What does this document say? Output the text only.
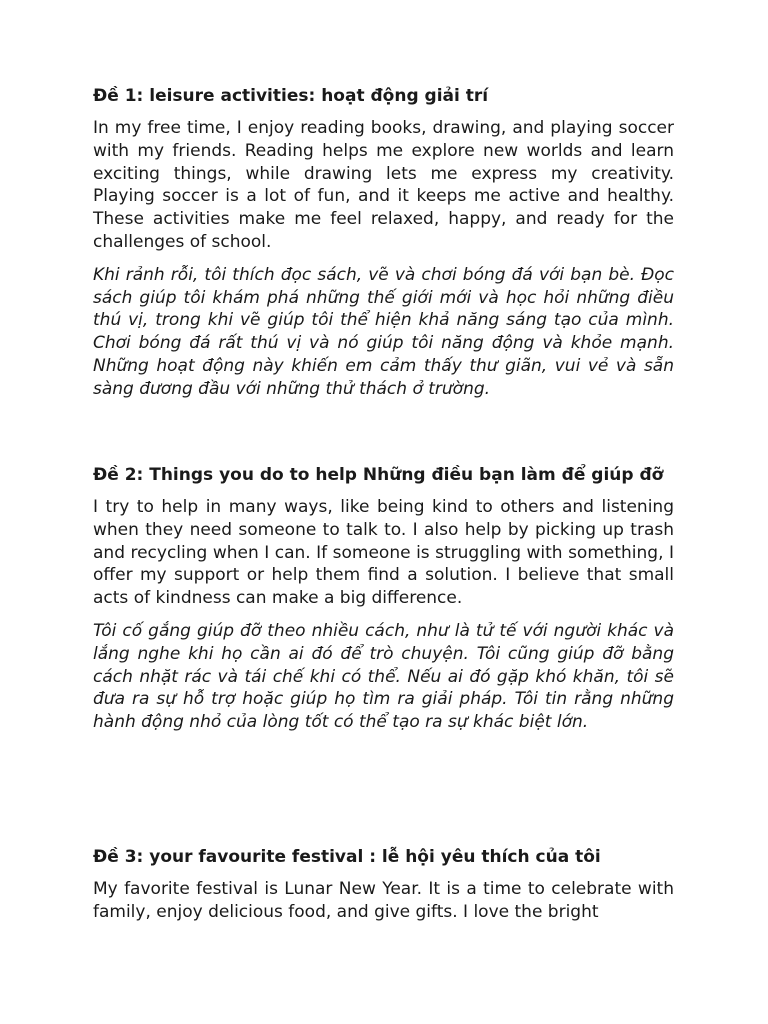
Đề 1: leisure activities: hoạt động giải trí

In my free time, I enjoy reading books, drawing, and playing soccer with my friends. Reading helps me explore new worlds and learn exciting things, while drawing lets me express my creativity. Playing soccer is a lot of fun, and it keeps me active and healthy. These activities make me feel relaxed, happy, and ready for the challenges of school.

Khi rảnh rỗi, tôi thích đọc sách, vẽ và chơi bóng đá với bạn bè. Đọc sách giúp tôi khám phá những thế giới mới và học hỏi những điều thú vị, trong khi vẽ giúp tôi thể hiện khả năng sáng tạo của mình. Chơi bóng đá rất thú vị và nó giúp tôi năng động và khỏe mạnh. Những hoạt động này khiến em cảm thấy thư giãn, vui vẻ và sẵn sàng đương đầu với những thử thách ở trường.

Đề 2: Things you do to help Những điều bạn làm để giúp đỡ

I try to help in many ways, like being kind to others and listening when they need someone to talk to. I also help by picking up trash and recycling when I can. If someone is struggling with something, I offer my support or help them find a solution. I believe that small acts of kindness can make a big difference.

Tôi cố gắng giúp đỡ theo nhiều cách, như là tử tế với người khác và lắng nghe khi họ cần ai đó để trò chuyện. Tôi cũng giúp đỡ bằng cách nhặt rác và tái chế khi có thể. Nếu ai đó gặp khó khăn, tôi sẽ đưa ra sự hỗ trợ hoặc giúp họ tìm ra giải pháp. Tôi tin rằng những hành động nhỏ của lòng tốt có thể tạo ra sự khác biệt lớn.

Đề 3: your favourite festival : lễ hội yêu thích của tôi

My favorite festival is Lunar New Year. It is a time to celebrate with family, enjoy delicious food, and give gifts. I love the bright
